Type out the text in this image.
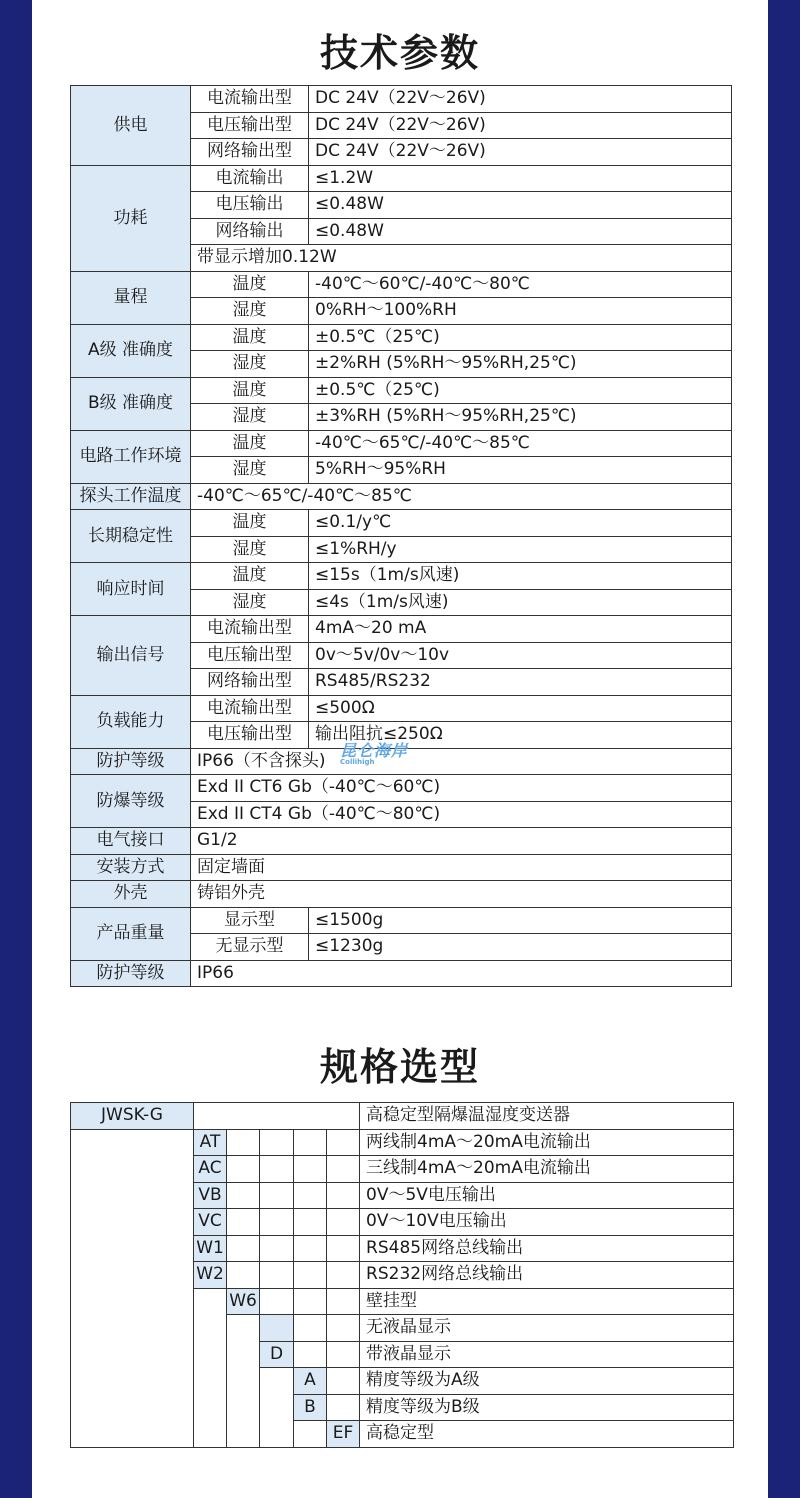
技术参数
供电	电流输出型	DC 24V（22V～26V)
	电压输出型	DC 24V（22V～26V)
	网络输出型	DC 24V（22V～26V)
功耗	电流输出	≤1.2W
	电压输出	≤0.48W
	网络输出	≤0.48W
	带显示增加0.12W	
量程	温度	-40℃～60℃/-40℃～80℃
	湿度	0%RH～100%RH
A级 准确度	温度	±0.5℃（25℃)
	湿度	±2%RH (5%RH～95%RH,25℃)
B级 准确度	温度	±0.5℃（25℃)
	湿度	±3%RH (5%RH～95%RH,25℃)
电路工作环境	温度	-40℃～65℃/-40℃～85℃
	湿度	5%RH～95%RH
探头工作温度	-40℃～65℃/-40℃～85℃	
长期稳定性	温度	≤0.1/y℃
	湿度	≤1%RH/y
响应时间	温度	≤15s（1m/s风速)
	湿度	≤4s（1m/s风速)
输出信号	电流输出型	4mA～20 mA
	电压输出型	0v～5v/0v～10v
	网络输出型	RS485/RS232
负载能力	电流输出型	≤500Ω
	电压输出型	输出阻抗≤250Ω
防护等级	IP66（不含探头)	
防爆等级	Exd II CT6 Gb（-40℃～60℃)	
	Exd II CT4 Gb（-40℃～80℃)	
电气接口	G1/2	
安装方式	固定墙面	
外壳	铸铝外壳	
产品重量	显示型	≤1500g
	无显示型	≤1230g
防护等级	IP66	
昆仑海岸
Collihigh
规格选型
JWSK-G						高稳定型隔爆温湿度变送器
	AT					两线制4mA～20mA电流输出
	AC					三线制4mA～20mA电流输出
	VB					0V～5V电压输出
	VC					0V～10V电压输出
	W1					RS485网络总线输出
	W2					RS232网络总线输出
		W6				壁挂型
						无液晶显示
			D			带液晶显示
				A		精度等级为A级
				B		精度等级为B级
					EF	高稳定型
